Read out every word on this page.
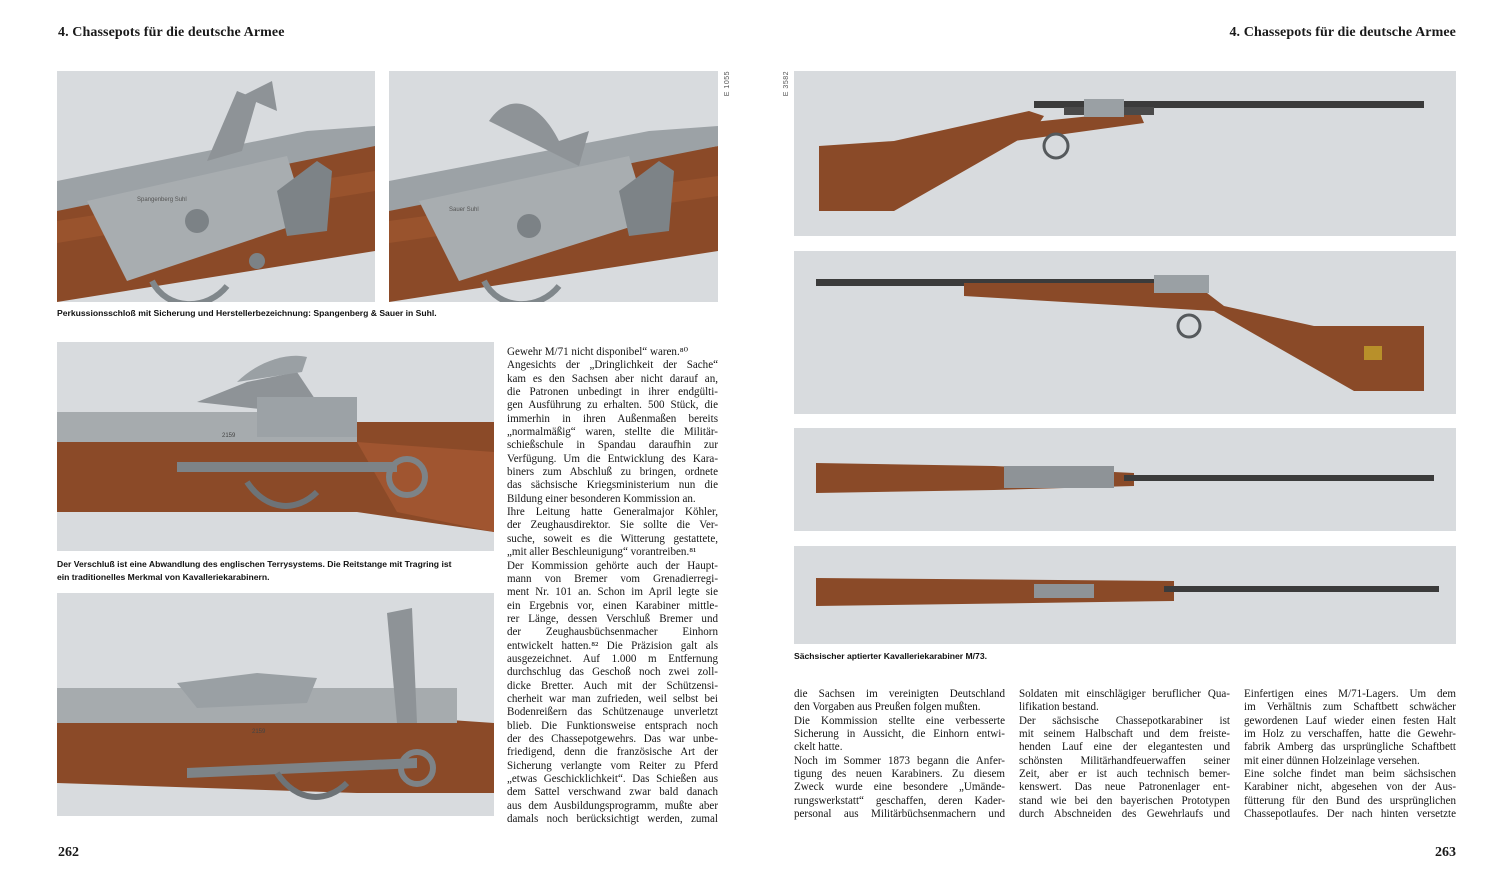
4. Chassepots für die deutsche Armee
Spangenberg Suhl
Sauer Suhl
E 1055
Perkussionsschloß mit Sicherung und Herstellerbezeichnung: Spangenberg & Sauer in Suhl.
2159
Der Verschluß ist eine Abwandlung des englischen Terrysystems. Die Reitstange mit Tragring ist
ein traditionelles Merkmal von Kavalleriekarabinern.
2159
Gewehr M/71 nicht disponibel“ waren.⁸⁰
Angesichts der „Dringlichkeit der Sache“
kam es den Sachsen aber nicht darauf an,
die Patronen unbedingt in ihrer endgülti-
gen Ausführung zu erhalten. 500 Stück, die
immerhin in ihren Außenmaßen bereits
„normalmäßig“ waren, stellte die Militär-
schießschule in Spandau daraufhin zur
Verfügung. Um die Entwicklung des Kara-
biners zum Abschluß zu bringen, ordnete
das sächsische Kriegsministerium nun die
Bildung einer besonderen Kommission an.
Ihre Leitung hatte Generalmajor Köhler,
der Zeughausdirektor. Sie sollte die Ver-
suche, soweit es die Witterung gestattete,
„mit aller Beschleunigung“ vorantreiben.⁸¹
Der Kommission gehörte auch der Haupt-
mann von Bremer vom Grenadierregi-
ment Nr. 101 an. Schon im April legte sie
ein Ergebnis vor, einen Karabiner mittle-
rer Länge, dessen Verschluß Bremer und
der Zeughausbüchsenmacher Einhorn
entwickelt hatten.⁸² Die Präzision galt als
ausgezeichnet. Auf 1.000 m Entfernung
durchschlug das Geschoß noch zwei zoll-
dicke Bretter. Auch mit der Schützensi-
cherheit war man zufrieden, weil selbst bei
Bodenreißern das Schützenauge unverletzt
blieb. Die Funktionsweise entsprach noch
der des Chassepotgewehrs. Das war unbe-
friedigend, denn die französische Art der
Sicherung verlangte vom Reiter zu Pferd
„etwas Geschicklichkeit“. Das Schießen aus
dem Sattel verschwand zwar bald danach
aus dem Ausbildungsprogramm, mußte aber
damals noch berücksichtigt werden, zumal
262
4. Chassepots für die deutsche Armee
E 3582
Sächsischer aptierter Kavalleriekarabiner M/73.
die Sachsen im vereinigten Deutschland
den Vorgaben aus Preußen folgen mußten.
Die Kommission stellte eine verbesserte
Sicherung in Aussicht, die Einhorn entwi-
ckelt hatte.
Noch im Sommer 1873 begann die Anfer-
tigung des neuen Karabiners. Zu diesem
Zweck wurde eine besondere „Umände-
rungswerkstatt“ geschaffen, deren Kader-
personal aus Militärbüchsenmachern und
Soldaten mit einschlägiger beruflicher Qua-
lifikation bestand.
Der sächsische Chassepotkarabiner ist
mit seinem Halbschaft und dem freiste-
henden Lauf eine der elegantesten und
schönsten Militärhandfeuerwaffen seiner
Zeit, aber er ist auch technisch bemer-
kenswert. Das neue Patronenlager ent-
stand wie bei den bayerischen Prototypen
durch Abschneiden des Gewehrlaufs und
Einfertigen eines M/71-Lagers. Um dem
im Verhältnis zum Schaftbett schwächer
gewordenen Lauf wieder einen festen Halt
im Holz zu verschaffen, hatte die Gewehr-
fabrik Amberg das ursprüngliche Schaftbett
mit einer dünnen Holzeinlage versehen.
Eine solche findet man beim sächsischen
Karabiner nicht, abgesehen von der Aus-
fütterung für den Bund des ursprünglichen
Chassepotlaufes. Der nach hinten versetzte
263
